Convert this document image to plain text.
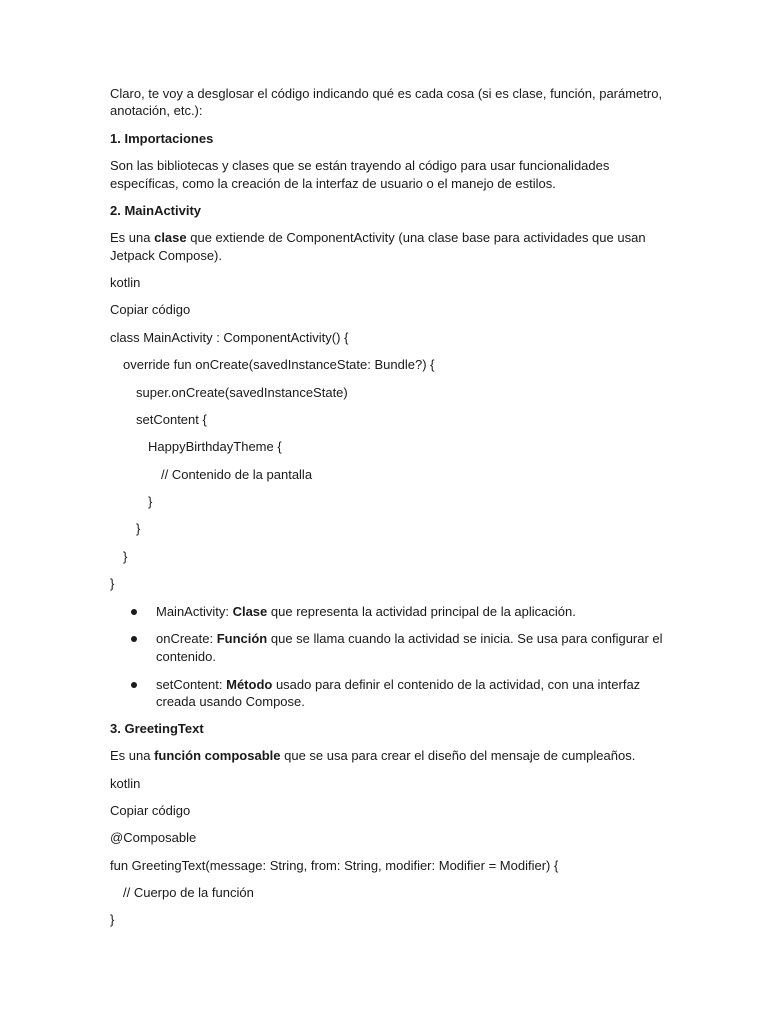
Claro, te voy a desglosar el código indicando qué es cada cosa (si es clase, función, parámetro,
anotación, etc.):
1. Importaciones
Son las bibliotecas y clases que se están trayendo al código para usar funcionalidades
específicas, como la creación de la interfaz de usuario o el manejo de estilos.
2. MainActivity
Es una clase que extiende de ComponentActivity (una clase base para actividades que usan
Jetpack Compose).
kotlin
Copiar código
class MainActivity : ComponentActivity() {
override fun onCreate(savedInstanceState: Bundle?) {
super.onCreate(savedInstanceState)
setContent {
HappyBirthdayTheme {
// Contenido de la pantalla
}
}
}
}
MainActivity: Clase que representa la actividad principal de la aplicación.
onCreate: Función que se llama cuando la actividad se inicia. Se usa para configurar el
contenido.
setContent: Método usado para definir el contenido de la actividad, con una interfaz
creada usando Compose.
3. GreetingText
Es una función composable que se usa para crear el diseño del mensaje de cumpleaños.
kotlin
Copiar código
@Composable
fun GreetingText(message: String, from: String, modifier: Modifier = Modifier) {
// Cuerpo de la función
}
